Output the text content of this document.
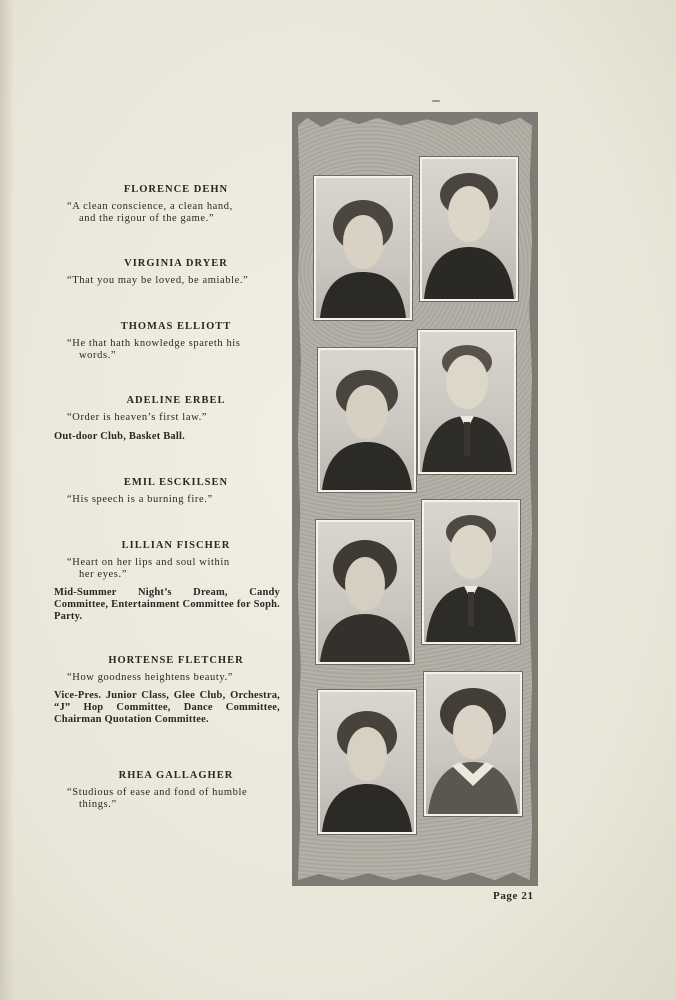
FLORENCE DEHN

“A clean conscience, a clean hand,
and the rigour of the game.”

VIRGINIA DRYER

“That you may be loved, be amiable.”

THOMAS ELLIOTT

“He that hath knowledge spareth his
words.”

ADELINE ERBEL

“Order is heaven’s first law.”

Out-door Club, Basket Ball.
EMIL ESCKILSEN

“His speech is a burning fire.”

LILLIAN FISCHER

“Heart on her lips and soul within
her eyes.”

Mid-Summer Night’s Dream, Candy Committee, Entertainment Committee for Soph. Party.
HORTENSE FLETCHER

“How goodness heightens beauty.”

Vice-Pres. Junior Class, Glee Club, Orchestra, “J” Hop Committee, Dance Committee, Chairman Quotation Committee.
RHEA GALLAGHER

“Studious of ease and fond of humble
things.”

Page 21
